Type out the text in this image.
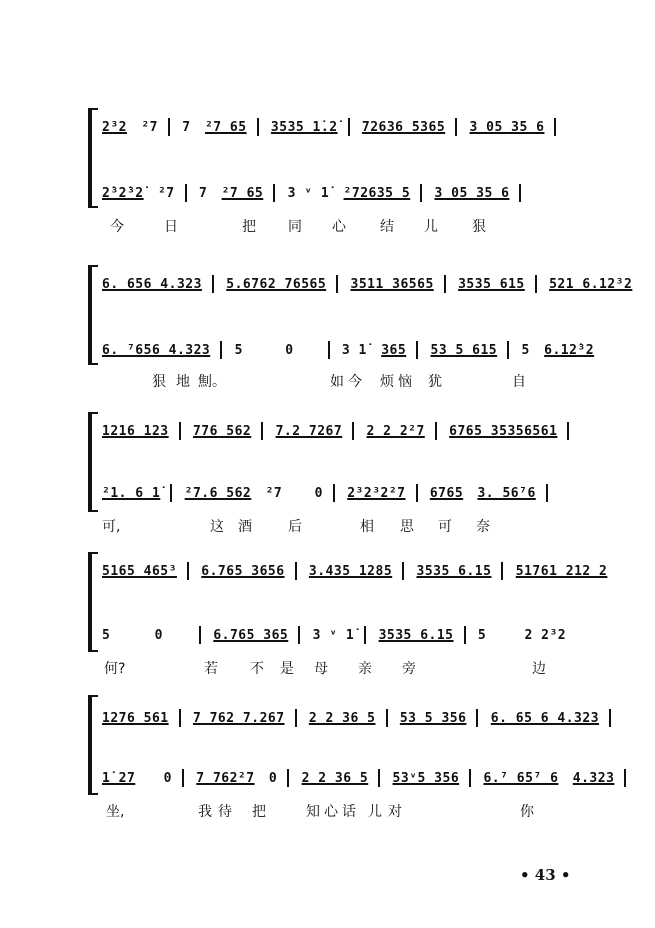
2³2 ²⁡7 7 ²7 65 3535 1̇.2̇ 72636 5365 3 05 35 6
2̇³2̇³2̇ ²⁡7 7 ²7 65 3 ᵛ 1̇ ²⁡72635 5 3 05 35 6
今	日	把 同 心 结 儿 狠
6. 656 4.323 5.6762 76565 3511 36565 3535 615 521 6.12³2
6. ⁷656 4.323 5	0	3 1̇ 365 53 5 615 5 6.12̇³2
狠 地 劁。	如 今 烦 恼 犹	自
1216 123 776 562 7.2 7267 2 2 2²7 6765 35356561
²1. 6 1̇ ²7.6 562 ²7 0 2³2³2²7 6765 3. 56⁷6
可,	这 酒	后	相 思 可 奈
5165 465³ 6.765 3656 3.435 1285 3535 6.15 51761 212 2
5	0	6.765 365 3 ᵛ 1̇ 3535 6.15 5	2 2³2
何?	若 不 是 母 亲 旁	边
1276 561 7 762 7.267 2 2 36 5 53 5 356 6. 65 6 4.323
1̇ 27 0 7 762²7 0 2 2 36 5 53ᵛ5 356 6.⁷ 65⁷ 6 4.323
坐,	我 待 把	知 心 话 儿 对	你
• 43 •
